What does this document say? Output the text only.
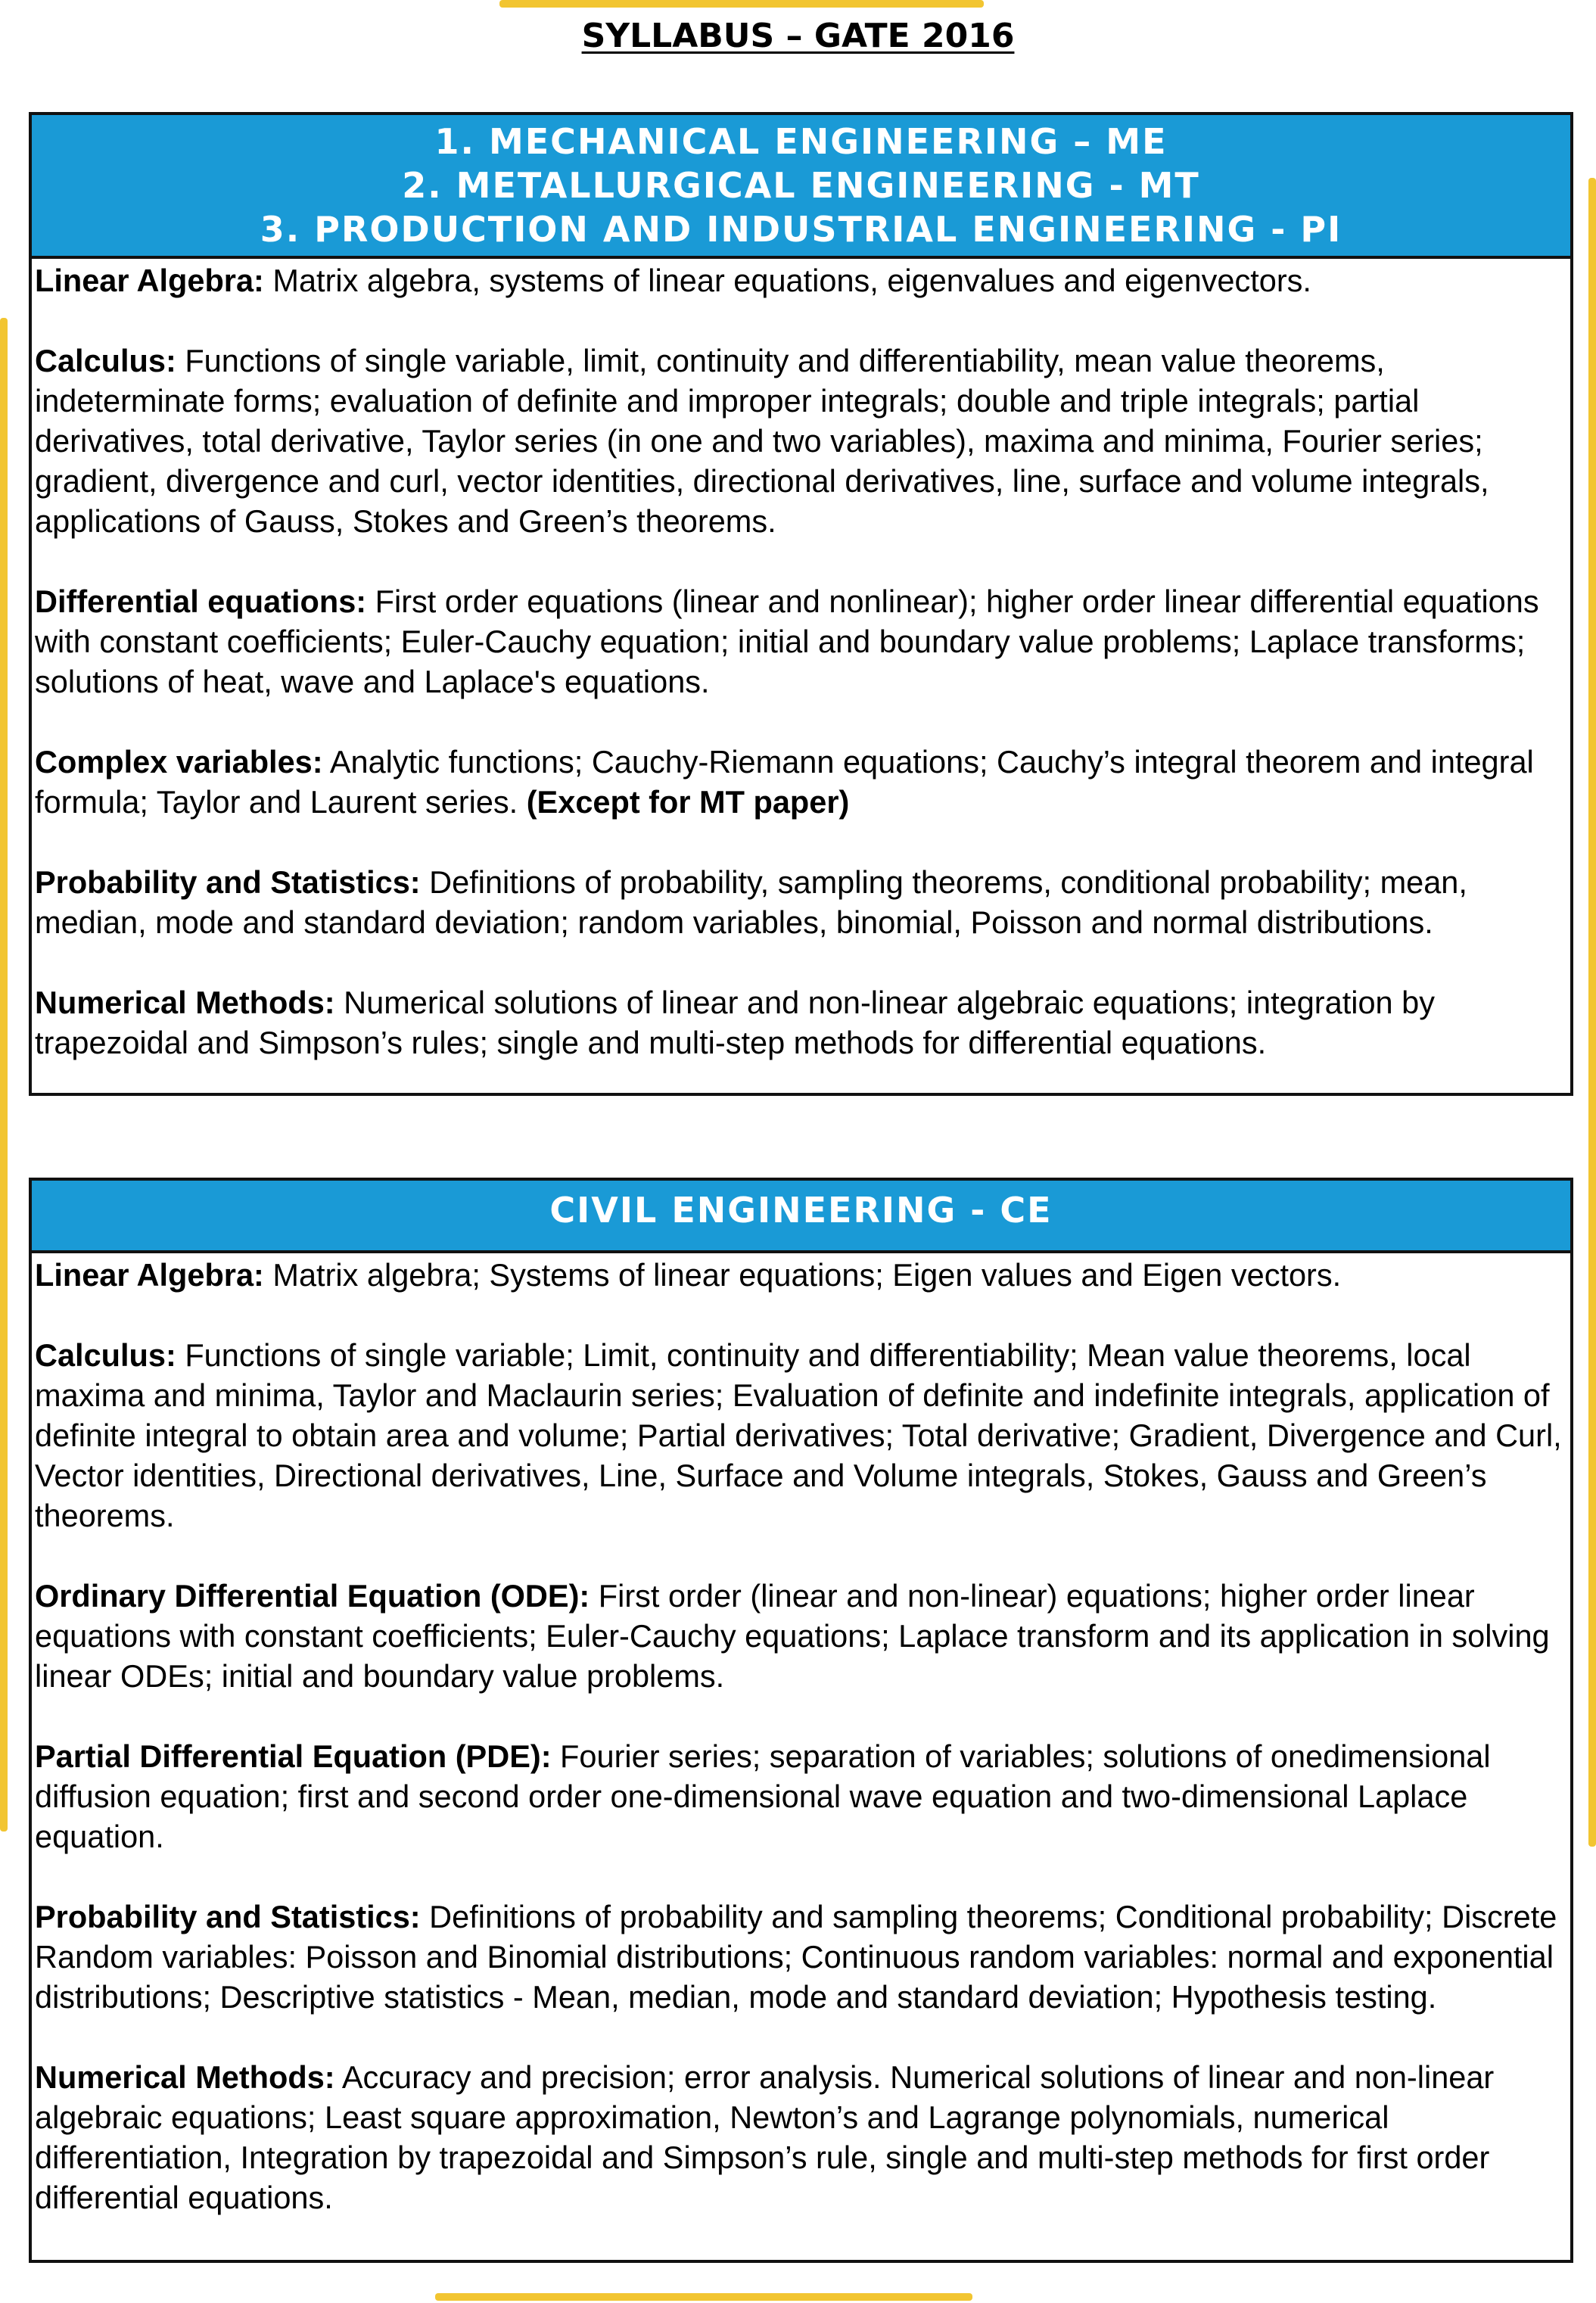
SYLLABUS – GATE 2016
1. MECHANICAL ENGINEERING – ME
2. METALLURGICAL ENGINEERING - MT
3. PRODUCTION AND INDUSTRIAL ENGINEERING - PI

Linear Algebra: Matrix algebra, systems of linear equations, eigenvalues and eigenvectors.

Calculus: Functions of single variable, limit, continuity and differentiability, mean value theorems, indeterminate forms; evaluation of definite and improper integrals; double and triple integrals; partial derivatives, total derivative, Taylor series (in one and two variables), maxima and minima, Fourier series; gradient, divergence and curl, vector identities, directional derivatives, line, surface and volume integrals, applications of Gauss, Stokes and Green’s theorems.

Differential equations: First order equations (linear and nonlinear); higher order linear differential equations with constant coefficients; Euler-Cauchy equation; initial and boundary value problems; Laplace transforms; solutions of heat, wave and Laplace's equations.

Complex variables: Analytic functions; Cauchy-Riemann equations; Cauchy’s integral theorem and integral formula; Taylor and Laurent series. (Except for MT paper)

Probability and Statistics: Definitions of probability, sampling theorems, conditional probability; mean, median, mode and standard deviation; random variables, binomial, Poisson and normal distributions.

Numerical Methods: Numerical solutions of linear and non-linear algebraic equations; integration by trapezoidal and Simpson’s rules; single and multi-step methods for differential equations.

CIVIL ENGINEERING - CE

Linear Algebra: Matrix algebra; Systems of linear equations; Eigen values and Eigen vectors.

Calculus: Functions of single variable; Limit, continuity and differentiability; Mean value theorems, local maxima and minima, Taylor and Maclaurin series; Evaluation of definite and indefinite integrals, application of definite integral to obtain area and volume; Partial derivatives; Total derivative; Gradient, Divergence and Curl, Vector identities, Directional derivatives, Line, Surface and Volume integrals, Stokes, Gauss and Green’s theorems.

Ordinary Differential Equation (ODE): First order (linear and non-linear) equations; higher order linear equations with constant coefficients; Euler-Cauchy equations; Laplace transform and its application in solving linear ODEs; initial and boundary value problems.

Partial Differential Equation (PDE): Fourier series; separation of variables; solutions of onedimensional diffusion equation; first and second order one-dimensional wave equation and two-dimensional Laplace equation.

Probability and Statistics: Definitions of probability and sampling theorems; Conditional probability; Discrete Random variables: Poisson and Binomial distributions; Continuous random variables: normal and exponential distributions; Descriptive statistics - Mean, median, mode and standard deviation; Hypothesis testing.

Numerical Methods: Accuracy and precision; error analysis. Numerical solutions of linear and non-linear algebraic equations; Least square approximation, Newton’s and Lagrange polynomials, numerical differentiation, Integration by trapezoidal and Simpson’s rule, single and multi-step methods for first order differential equations.
